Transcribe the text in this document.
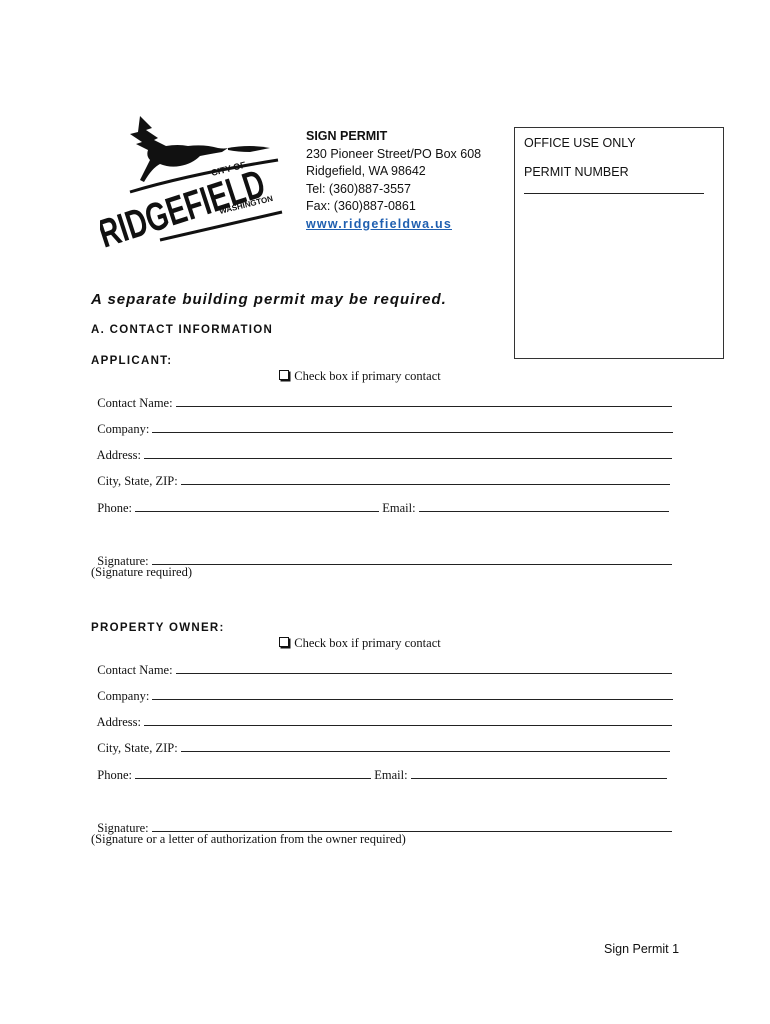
CITY OF
RIDGEFIELD
WASHINGTON
SIGN PERMIT
230 Pioneer Street/PO Box 608
Ridgefield, WA 98642
Tel: (360)887-3557
Fax: (360)887-0861
www.ridgefieldwa.us
OFFICE USE ONLY
PERMIT NUMBER
A separate building permit may be required.
A. CONTACT INFORMATION
APPLICANT:

Check box if primary contact

Contact Name:

Company:

Address:

City, State, ZIP:

Phone:	Email:

Signature:

(Signature required)
PROPERTY OWNER:

Check box if primary contact

Contact Name:

Company:

Address:

City, State, ZIP:

Phone:	Email:

Signature:

(Signature or a letter of authorization from the owner required)
Sign Permit 1
